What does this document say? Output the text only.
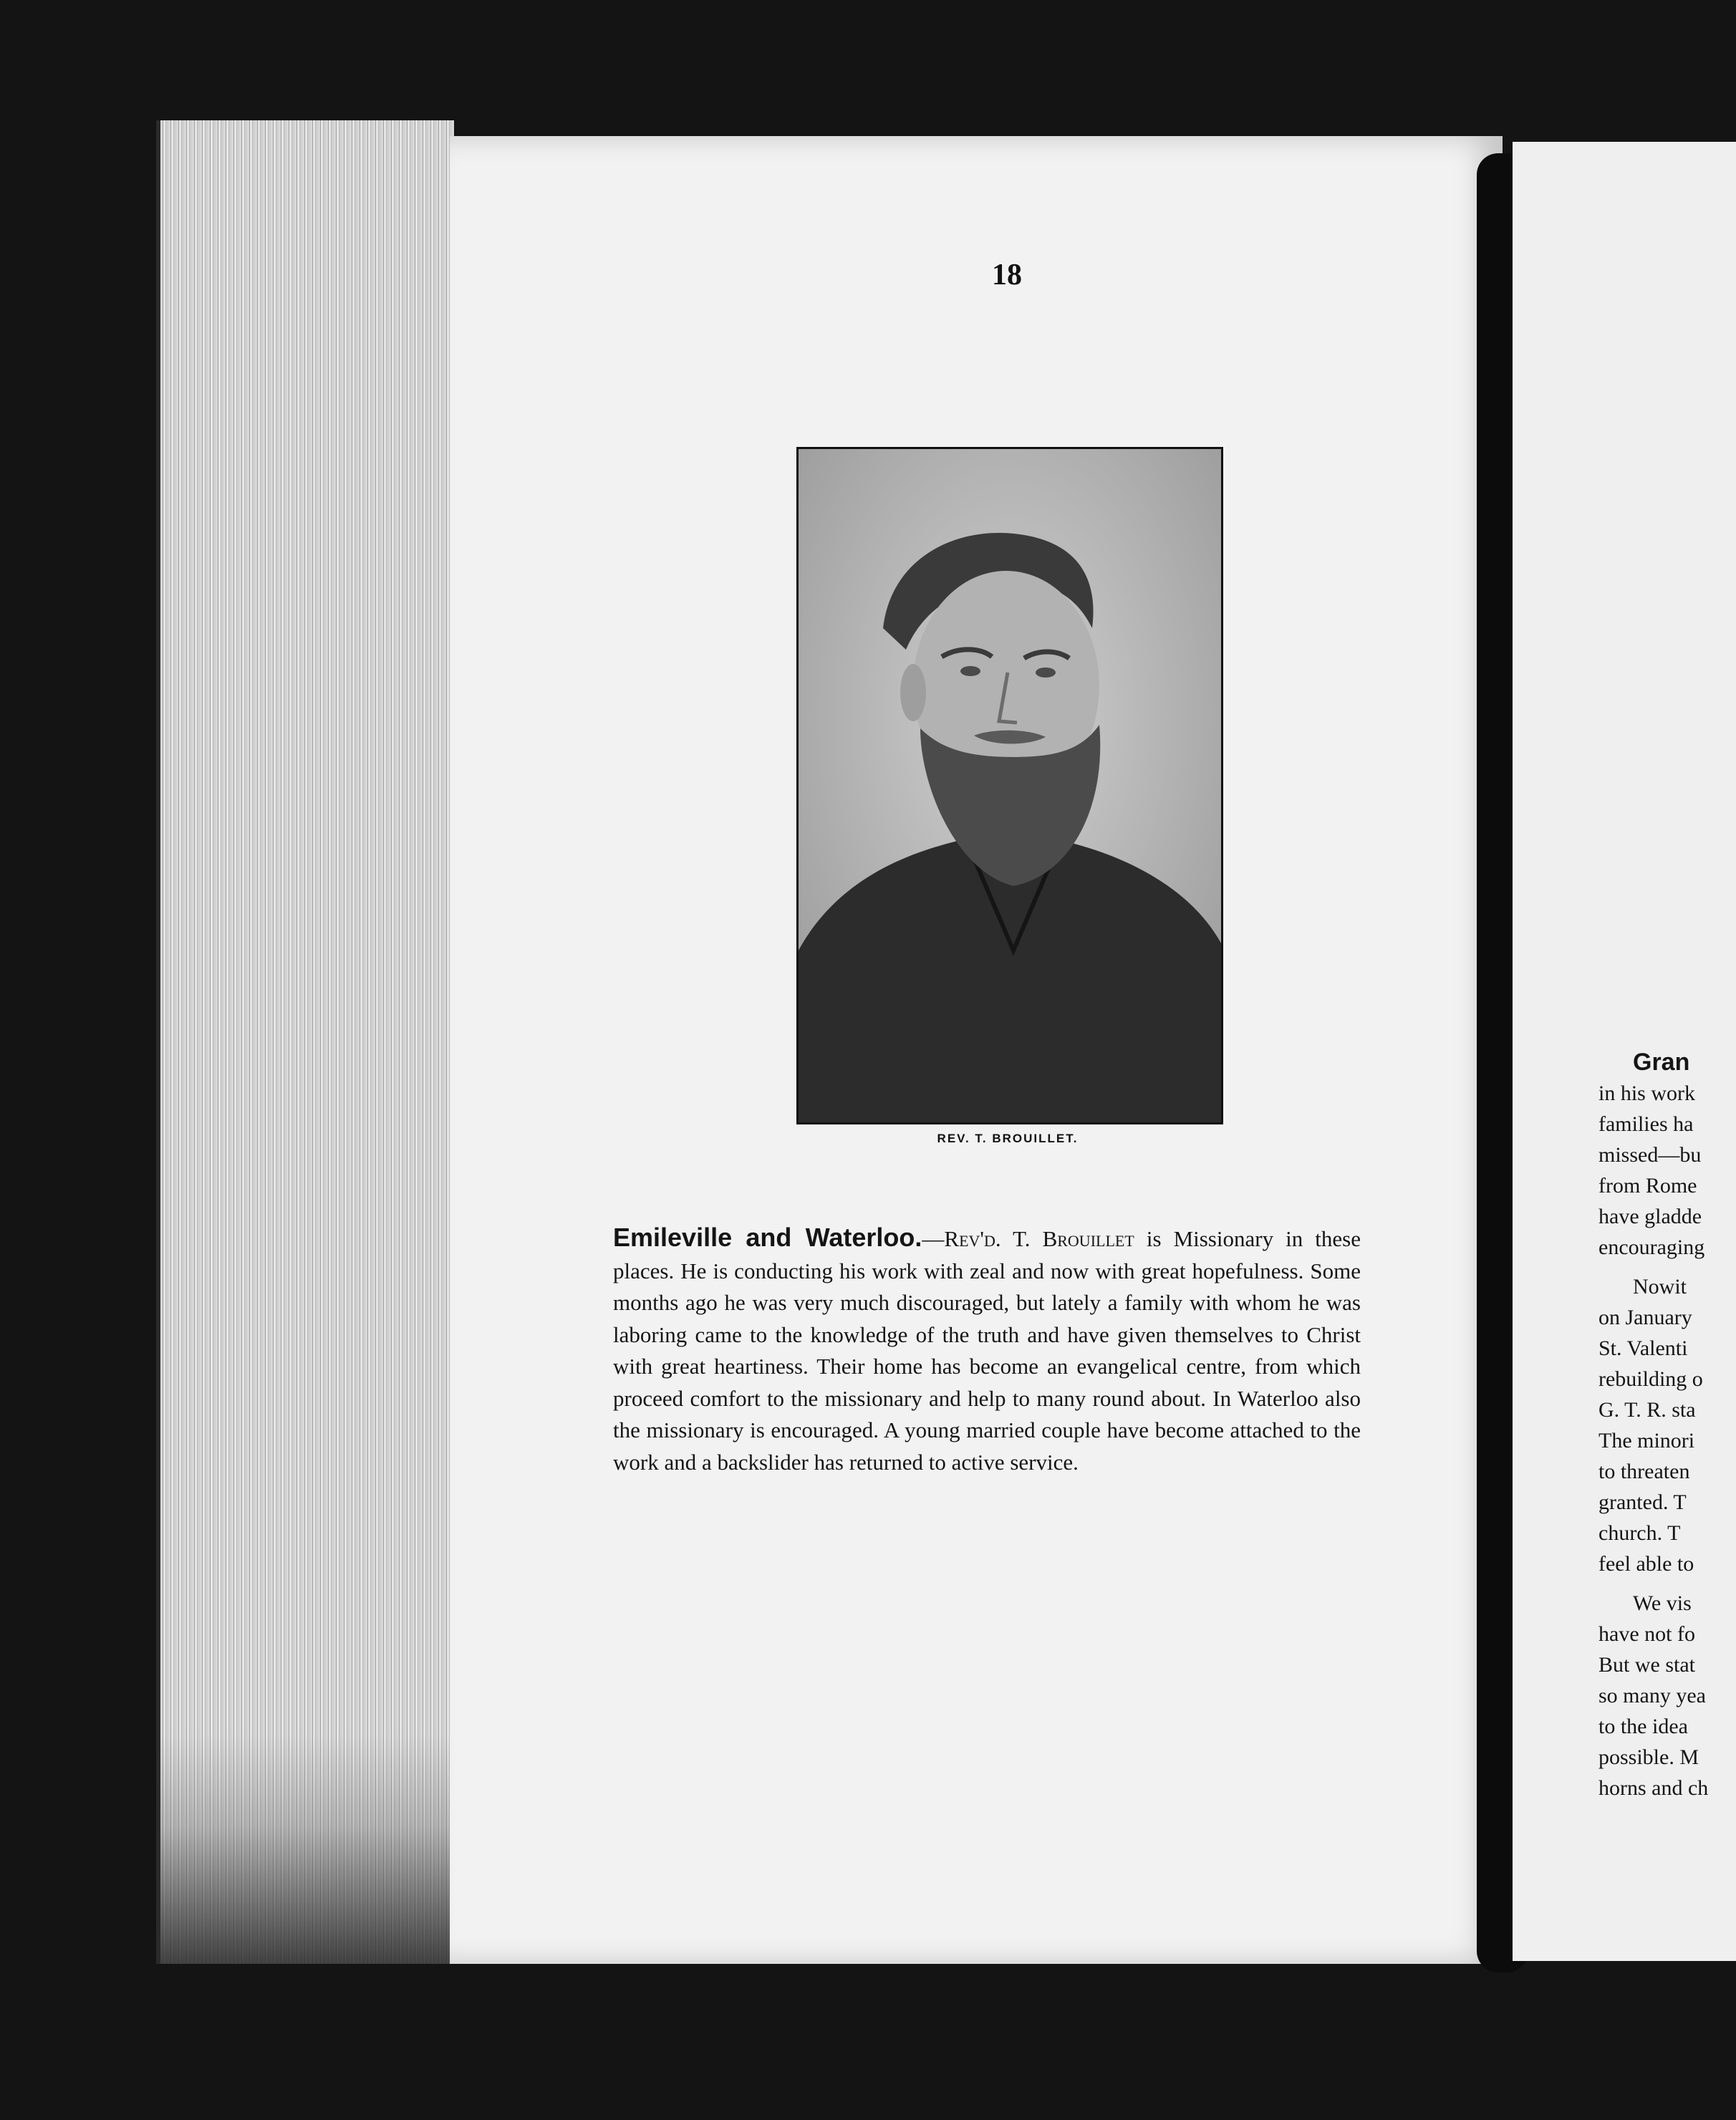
18
REV. T. BROUILLET.
Emileville and Waterloo.—Rev'd. T. Brouillet is Missionary in these places. He is conducting his work with zeal and now with great hopefulness. Some months ago he was very much discouraged, but lately a family with whom he was laboring came to the knowledge of the truth and have given themselves to Christ with great heartiness. Their home has become an evangelical centre, from which proceed comfort to the missionary and help to many round about. In Waterloo also the missionary is encouraged. A young married couple have become attached to the work and a backslider has returned to active service.
Gran
in his work
families ha
missed—bu
from Rome
have gladde
encouraging
Nowit
on January
St. Valenti
rebuilding o
G. T. R. sta
The minori
to threaten
granted. T
church. T
feel able to
We vis
have not fo
But we stat
so many yea
to the idea
possible. M
horns and ch
